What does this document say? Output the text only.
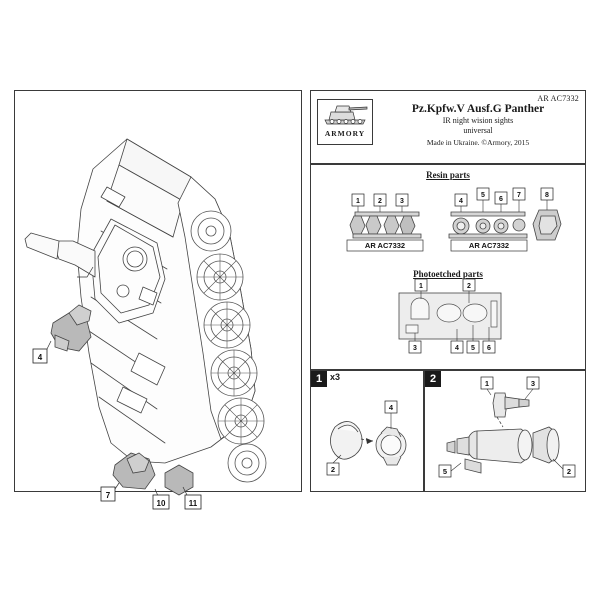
4
7
10	11
AR AC7332
ARMORY
Pz.Kpfw.V Ausf.G Panther
IR night wision sights
universal
Made in Ukraine. ©Armory, 2015
Resin parts
1	2	3
AR AC7332
4
5
6
7	8
AR AC7332
Photoetched parts
1	2
3	4 5 6
1 x3
2
4
2	1	3
5	2
